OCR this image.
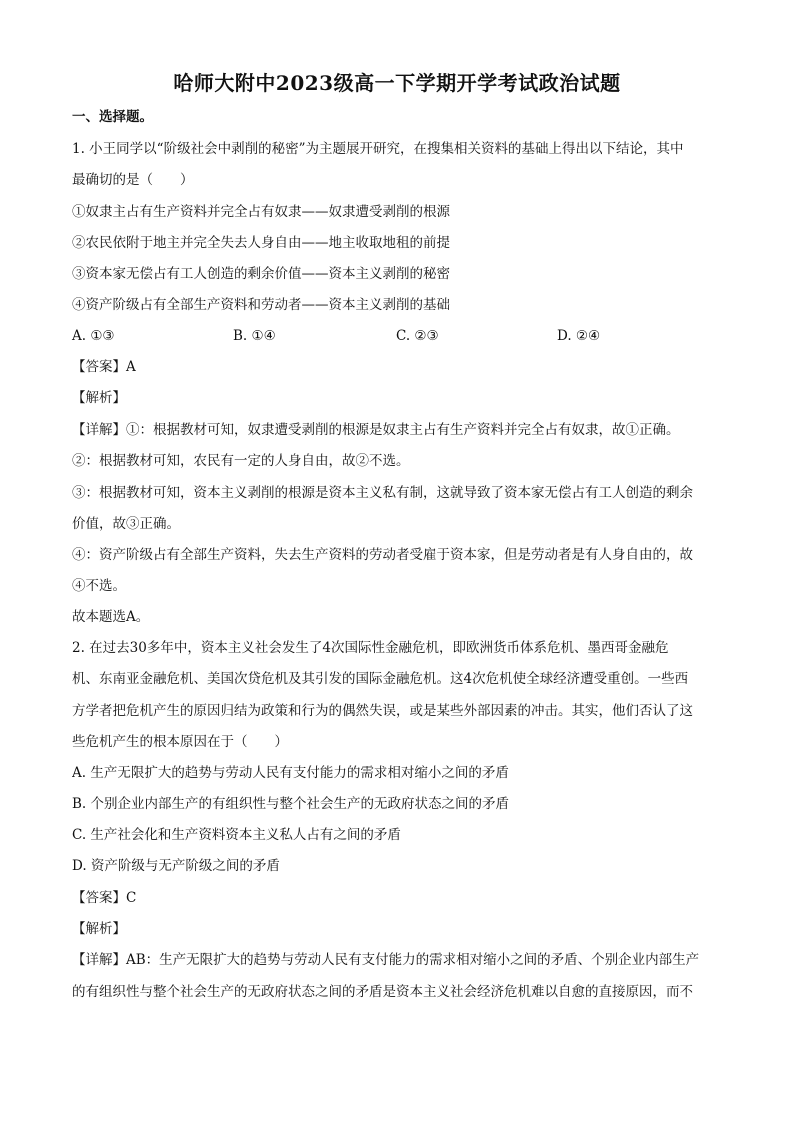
哈师大附中2023级高一下学期开学考试政治试题
一、选择题。
1. 小王同学以“阶级社会中剥削的秘密”为主题展开研究，在搜集相关资料的基础上得出以下结论，其中
最确切的是（　　）
①奴隶主占有生产资料并完全占有奴隶——奴隶遭受剥削的根源
②农民依附于地主并完全失去人身自由——地主收取地租的前提
③资本家无偿占有工人创造的剩余价值——资本主义剥削的秘密
④资产阶级占有全部生产资料和劳动者——资本主义剥削的基础
A. ①③	B. ①④	C. ②③	D. ②④
【答案】A
【解析】
【详解】①：根据教材可知，奴隶遭受剥削的根源是奴隶主占有生产资料并完全占有奴隶，故①正确。
②：根据教材可知，农民有一定的人身自由，故②不选。
③：根据教材可知，资本主义剥削的根源是资本主义私有制，这就导致了资本家无偿占有工人创造的剩余
价值，故③正确。
④：资产阶级占有全部生产资料，失去生产资料的劳动者受雇于资本家，但是劳动者是有人身自由的，故
④不选。
故本题选A。
2. 在过去30多年中，资本主义社会发生了4次国际性金融危机，即欧洲货币体系危机、墨西哥金融危
机、东南亚金融危机、美国次贷危机及其引发的国际金融危机。这4次危机使全球经济遭受重创。一些西
方学者把危机产生的原因归结为政策和行为的偶然失误，或是某些外部因素的冲击。其实，他们否认了这
些危机产生的根本原因在于（　　）
A. 生产无限扩大的趋势与劳动人民有支付能力的需求相对缩小之间的矛盾
B. 个别企业内部生产的有组织性与整个社会生产的无政府状态之间的矛盾
C. 生产社会化和生产资料资本主义私人占有之间的矛盾
D. 资产阶级与无产阶级之间的矛盾
【答案】C
【解析】
【详解】AB：生产无限扩大的趋势与劳动人民有支付能力的需求相对缩小之间的矛盾、个别企业内部生产
的有组织性与整个社会生产的无政府状态之间的矛盾是资本主义社会经济危机难以自愈的直接原因，而不
